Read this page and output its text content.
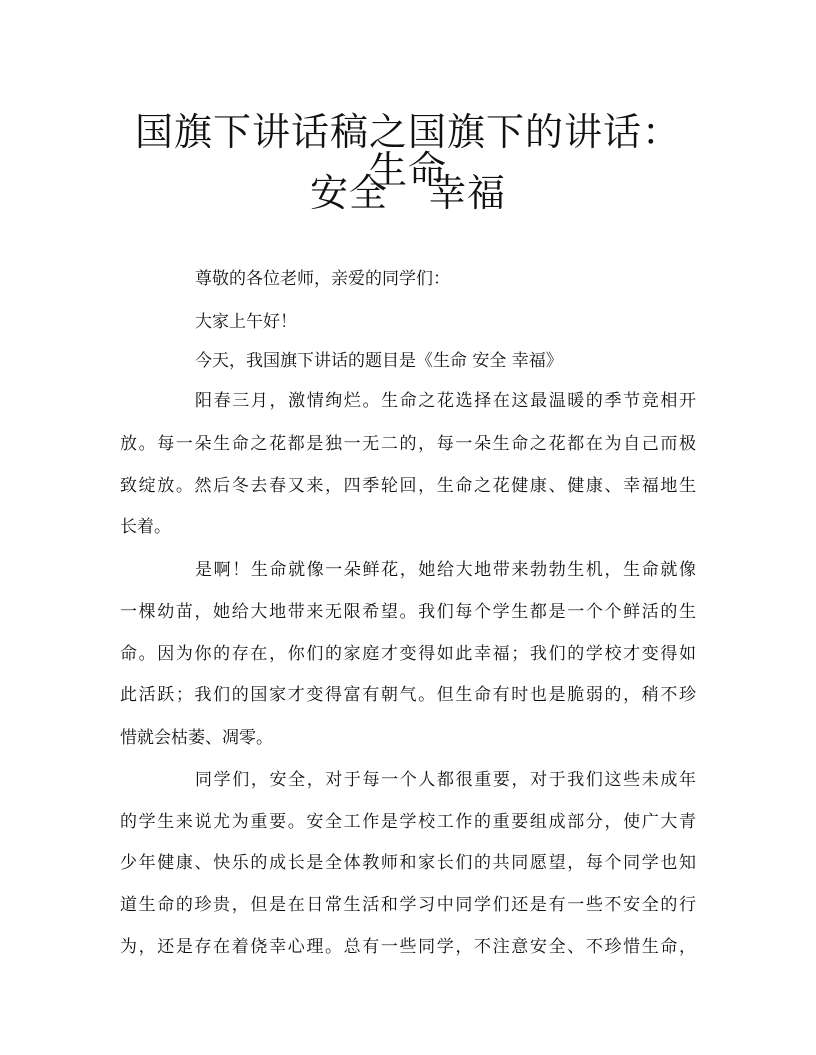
国旗下讲话稿之国旗下的讲话：生命
安全 幸福

尊敬的各位老师，亲爱的同学们：

大家上午好！

今天，我国旗下讲话的题目是《生命 安全 幸福》

阳春三月，激情绚烂。生命之花选择在这最温暖的季节竞相开

放。每一朵生命之花都是独一无二的，每一朵生命之花都在为自己而极

致绽放。然后冬去春又来，四季轮回，生命之花健康、健康、幸福地生

长着。

是啊！生命就像一朵鲜花，她给大地带来勃勃生机，生命就像

一棵幼苗，她给大地带来无限希望。我们每个学生都是一个个鲜活的生

命。因为你的存在，你们的家庭才变得如此幸福；我们的学校才变得如

此活跃；我们的国家才变得富有朝气。但生命有时也是脆弱的，稍不珍

惜就会枯萎、凋零。

同学们，安全，对于每一个人都很重要，对于我们这些未成年

的学生来说尤为重要。安全工作是学校工作的重要组成部分，使广大青

少年健康、快乐的成长是全体教师和家长们的共同愿望，每个同学也知

道生命的珍贵，但是在日常生活和学习中同学们还是有一些不安全的行

为，还是存在着侥幸心理。总有一些同学，不注意安全、不珍惜生命，
